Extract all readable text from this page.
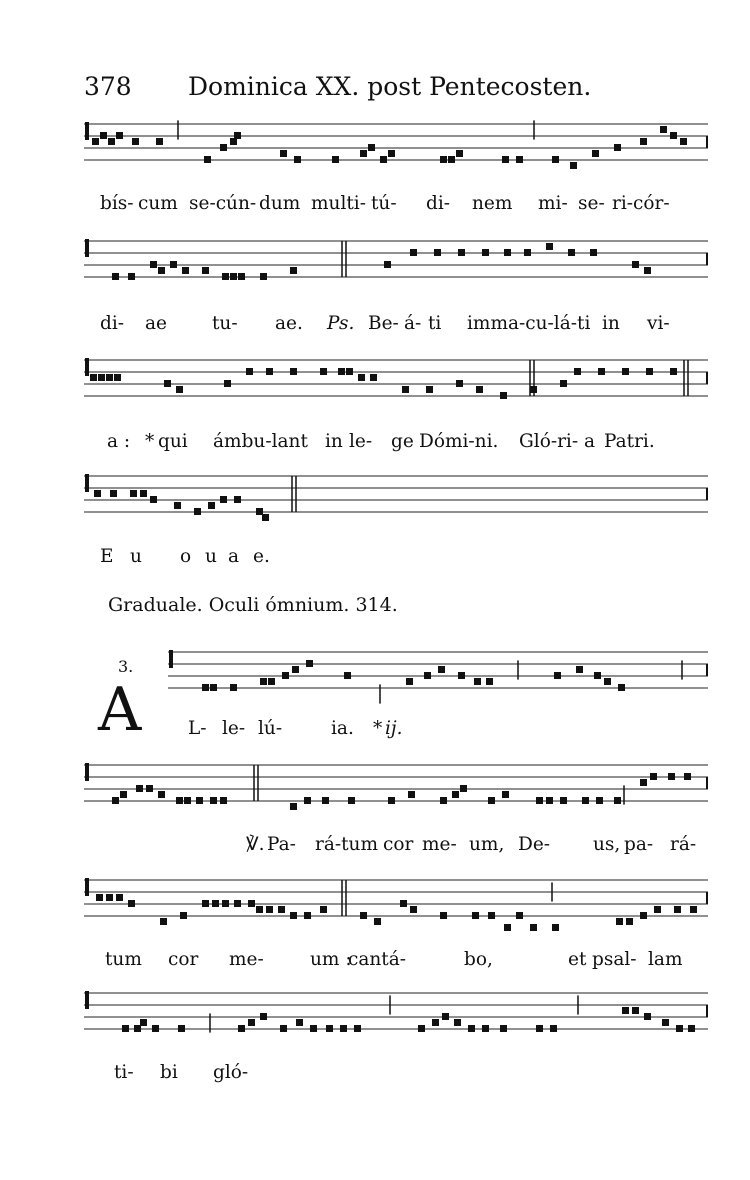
378 Dominica XX. post Pentecosten.
bís- cum se-cún- dum multi- tú- di- nem mi- se- ri-cór-
di- ae tu- ae. Ps. Be- á- ti imma-cu-lá-ti in vi-
a : * qui ámbu-lant in le- ge Dómi-ni. Gló-ri- a Patri.
E u o u a e.
Graduale. Oculi ómnium. 314.
3.
A	L- le- lú-	ia. * ij.
℣. Pa- rá-tum cor me- um, De- us, pa- rá-
tum cor me-	um :
cantá-	bo,	et psal- lam
ti- bi gló-
